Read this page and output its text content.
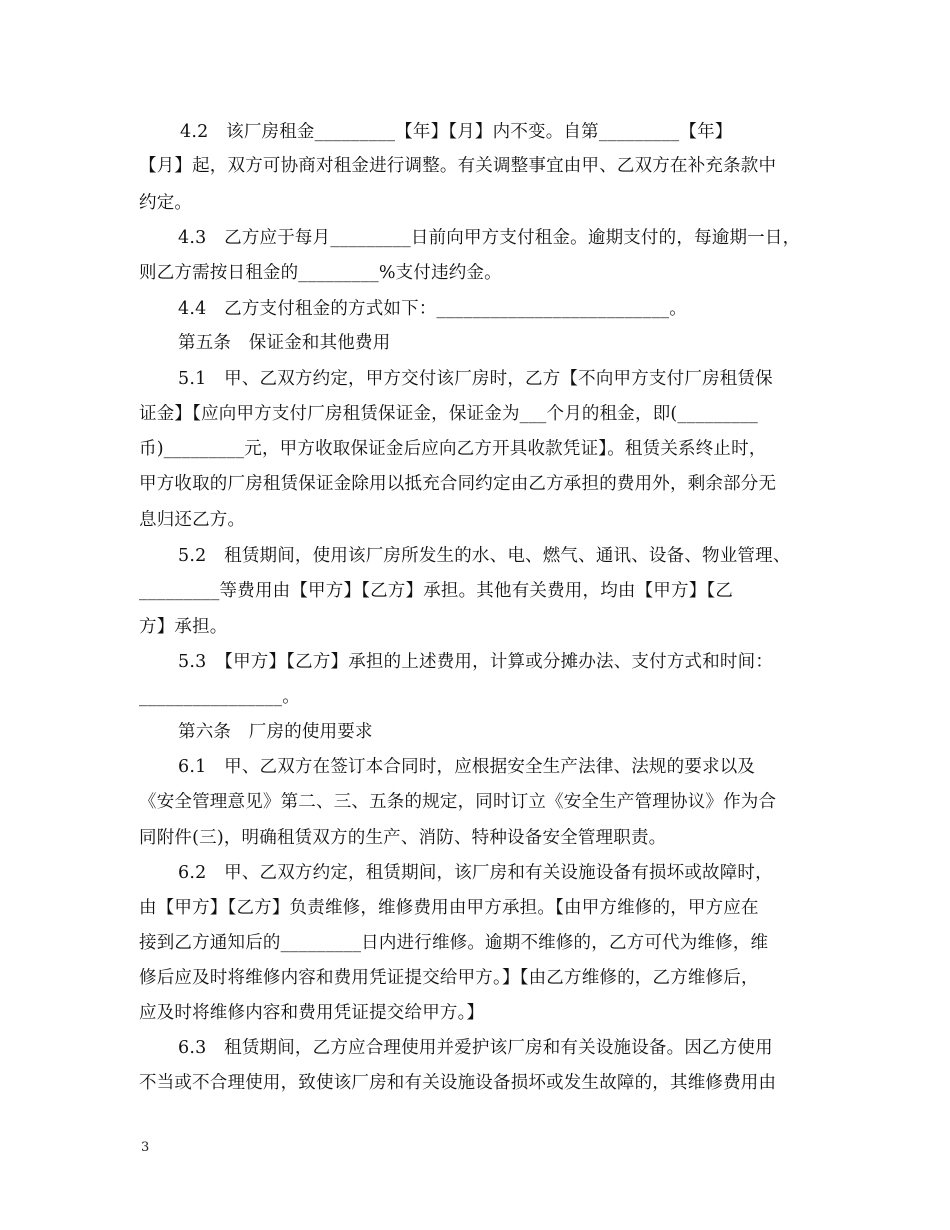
4.2　该厂房租金_________【年】【月】内不变。自第_________【年】
【月】起，双方可协商对租金进行调整。有关调整事宜由甲、乙双方在补充条款中
约定。
4.3　乙方应于每月_________日前向甲方支付租金。逾期支付的，每逾期一日，
则乙方需按日租金的_________%支付违约金。
4.4　乙方支付租金的方式如下：__________________________。
第五条　保证金和其他费用
5.1　甲、乙双方约定，甲方交付该厂房时，乙方【不向甲方支付厂房租赁保
证金】【应向甲方支付厂房租赁保证金，保证金为___个月的租金，即(_________
币)_________元，甲方收取保证金后应向乙方开具收款凭证】。租赁关系终止时，
甲方收取的厂房租赁保证金除用以抵充合同约定由乙方承担的费用外，剩余部分无
息归还乙方。
5.2　租赁期间，使用该厂房所发生的水、电、燃气、通讯、设备、物业管理、
_________等费用由【甲方】【乙方】承担。其他有关费用，均由【甲方】【乙
方】承担。
5.3　【甲方】【乙方】承担的上述费用，计算或分摊办法、支付方式和时间：
________________。
第六条　厂房的使用要求
6.1　甲、乙双方在签订本合同时，应根据安全生产法律、法规的要求以及
《安全管理意见》第二、三、五条的规定，同时订立《安全生产管理协议》作为合
同附件(三)，明确租赁双方的生产、消防、特种设备安全管理职责。
6.2　甲、乙双方约定，租赁期间，该厂房和有关设施设备有损坏或故障时，
由【甲方】【乙方】负责维修，维修费用由甲方承担。【由甲方维修的，甲方应在
接到乙方通知后的_________日内进行维修。逾期不维修的，乙方可代为维修，维
修后应及时将维修内容和费用凭证提交给甲方。】【由乙方维修的，乙方维修后，
应及时将维修内容和费用凭证提交给甲方。】
6.3　租赁期间，乙方应合理使用并爱护该厂房和有关设施设备。因乙方使用
不当或不合理使用，致使该厂房和有关设施设备损坏或发生故障的，其维修费用由
3
